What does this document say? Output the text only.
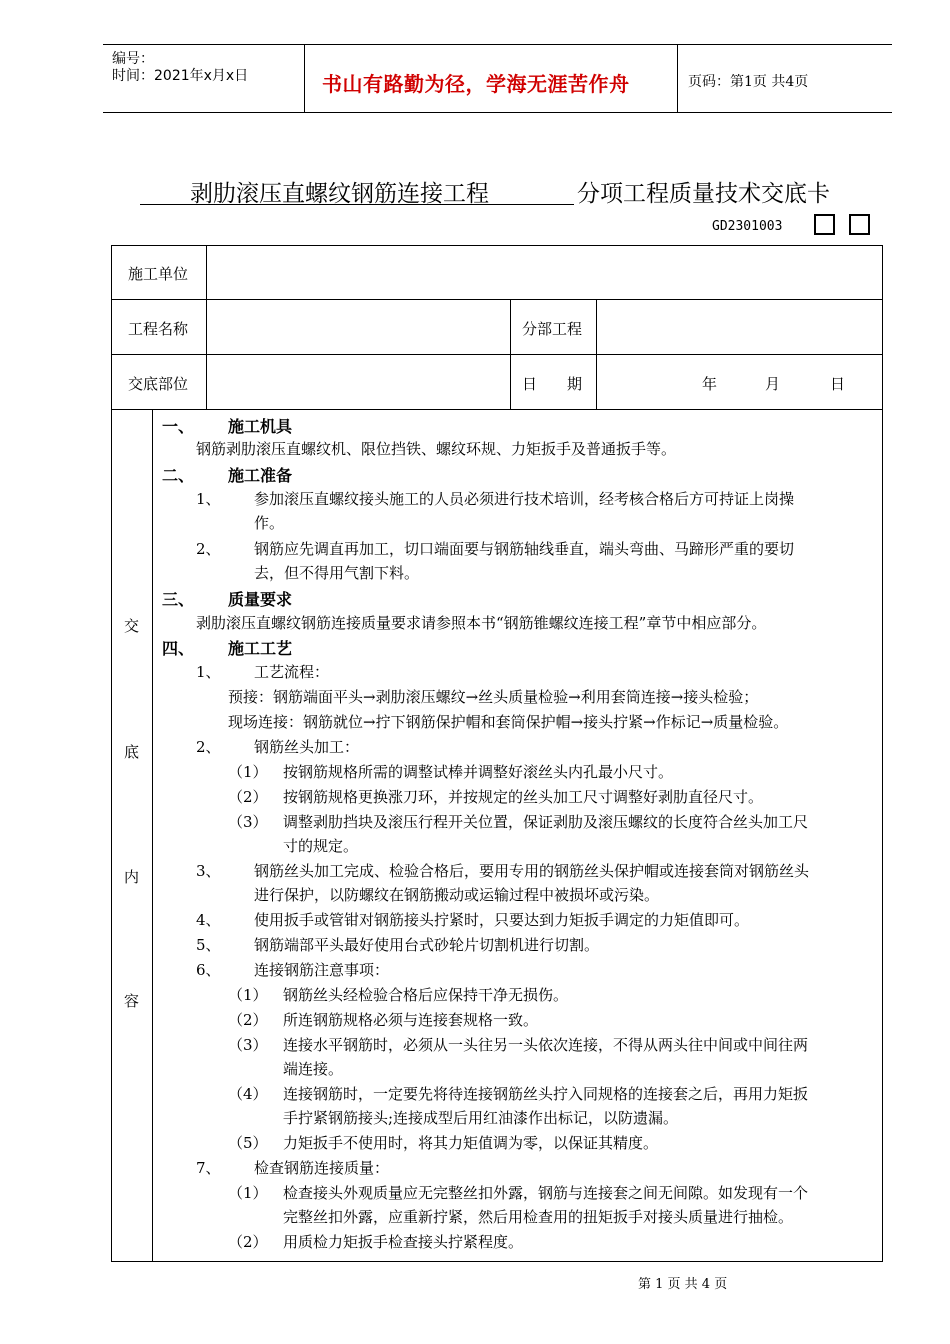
编号：
时间：2021年x月x日	书山有路勤为径，学海无涯苦作舟	页码：第1页 共4页
剥肋滚压直螺纹钢筋连接工程	分项工程质量技术交底卡
GD2301003
施工单位
工程名称	分部工程
交底部位	日　　期	年	月	日
交
底
内
容
一、 施工机具
钢筋剥肋滚压直螺纹机、限位挡铁、螺纹环规、力矩扳手及普通扳手等。
二、 施工准备
1、 参加滚压直螺纹接头施工的人员必须进行技术培训，经考核合格后方可持证上岗操
作。
2、 钢筋应先调直再加工，切口端面要与钢筋轴线垂直，端头弯曲、马蹄形严重的要切
去，但不得用气割下料。
三、 质量要求
剥肋滚压直螺纹钢筋连接质量要求请参照本书“钢筋锥螺纹连接工程”章节中相应部分。
四、 施工工艺
1、 工艺流程：
预接：钢筋端面平头→剥肋滚压螺纹→丝头质量检验→利用套筒连接→接头检验；
现场连接：钢筋就位→拧下钢筋保护帽和套筒保护帽→接头拧紧→作标记→质量检验。
2、 钢筋丝头加工：
（1） 按钢筋规格所需的调整试棒并调整好滚丝头内孔最小尺寸。
（2） 按钢筋规格更换涨刀环，并按规定的丝头加工尺寸调整好剥肋直径尺寸。
（3） 调整剥肋挡块及滚压行程开关位置，保证剥肋及滚压螺纹的长度符合丝头加工尺
寸的规定。
3、 钢筋丝头加工完成、检验合格后，要用专用的钢筋丝头保护帽或连接套筒对钢筋丝头
进行保护，以防螺纹在钢筋搬动或运输过程中被损坏或污染。
4、 使用扳手或管钳对钢筋接头拧紧时，只要达到力矩扳手调定的力矩值即可。
5、 钢筋端部平头最好使用台式砂轮片切割机进行切割。
6、 连接钢筋注意事项：
（1） 钢筋丝头经检验合格后应保持干净无损伤。
（2） 所连钢筋规格必须与连接套规格一致。
（3） 连接水平钢筋时，必须从一头往另一头依次连接，不得从两头往中间或中间往两
端连接。
（4） 连接钢筋时，一定要先将待连接钢筋丝头拧入同规格的连接套之后，再用力矩扳
手拧紧钢筋接头;连接成型后用红油漆作出标记，以防遗漏。
（5） 力矩扳手不使用时，将其力矩值调为零，以保证其精度。
7、 检查钢筋连接质量：
（1） 检查接头外观质量应无完整丝扣外露，钢筋与连接套之间无间隙。如发现有一个
完整丝扣外露，应重新拧紧，然后用检查用的扭矩扳手对接头质量进行抽检。
（2） 用质检力矩扳手检查接头拧紧程度。
第 1 页 共 4 页
